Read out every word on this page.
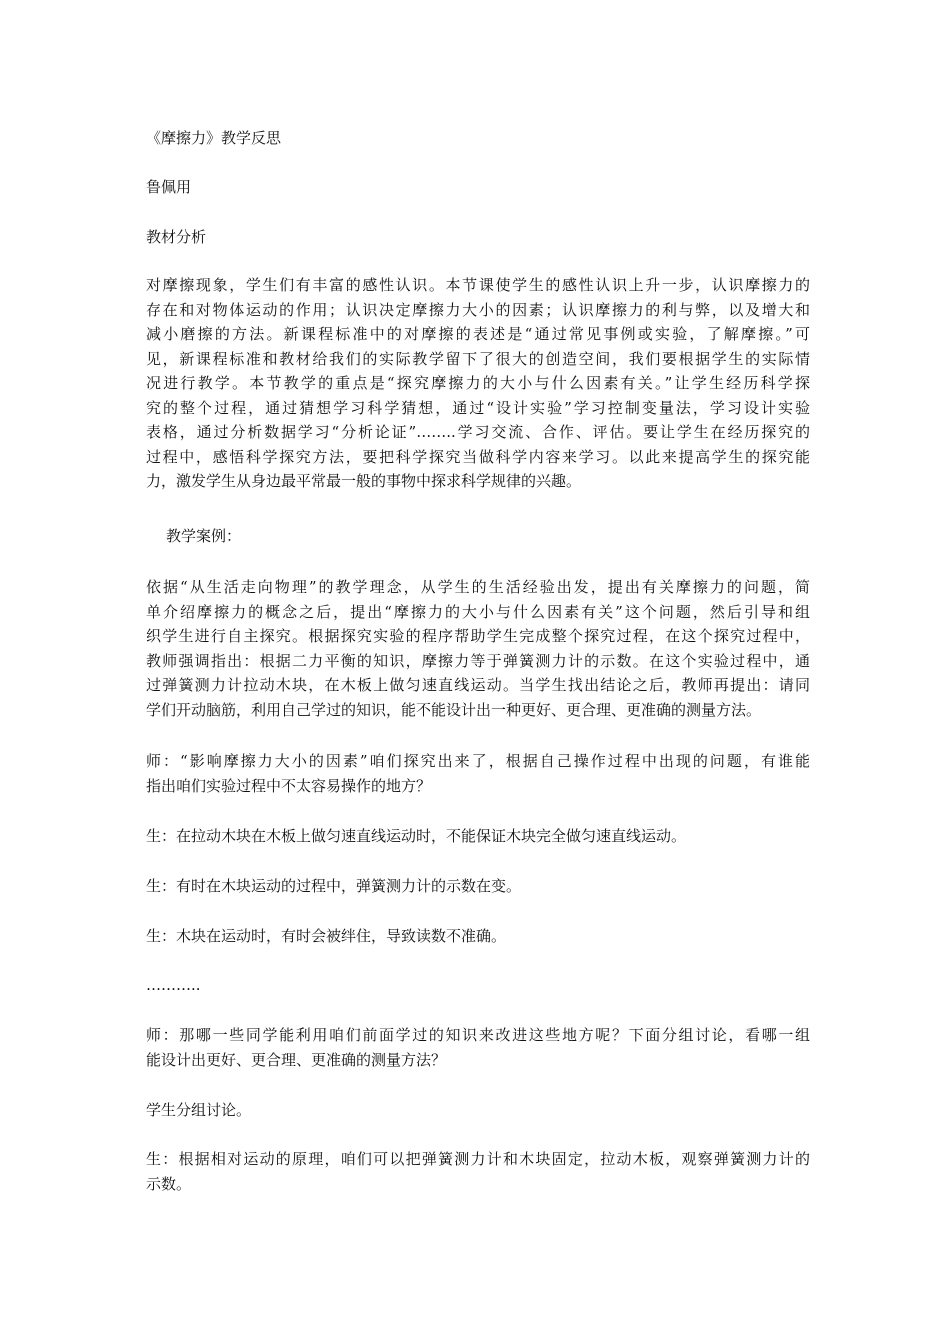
《摩擦力》教学反思
鲁佩用
教材分析
对摩擦现象，学生们有丰富的感性认识。本节课使学生的感性认识上升一步，认识摩擦力的
存在和对物体运动的作用；认识决定摩擦力大小的因素；认识摩擦力的利与弊，以及增大和
减小磨擦的方法。新课程标准中的对摩擦的表述是“通过常见事例或实验，了解摩擦。”可
见，新课程标准和教材给我们的实际教学留下了很大的创造空间，我们要根据学生的实际情
况进行教学。本节教学的重点是“探究摩擦力的大小与什么因素有关。”让学生经历科学探
究的整个过程，通过猜想学习科学猜想，通过“设计实验”学习控制变量法，学习设计实验
表格，通过分析数据学习“分析论证”……..学习交流、合作、评估。要让学生在经历探究的
过程中，感悟科学探究方法，要把科学探究当做科学内容来学习。以此来提高学生的探究能
力，激发学生从身边最平常最一般的事物中探求科学规律的兴趣。
教学案例：
依据“从生活走向物理”的教学理念，从学生的生活经验出发，提出有关摩擦力的问题，简
单介绍摩擦力的概念之后，提出“摩擦力的大小与什么因素有关”这个问题，然后引导和组
织学生进行自主探究。根据探究实验的程序帮助学生完成整个探究过程，在这个探究过程中，
教师强调指出：根据二力平衡的知识，摩擦力等于弹簧测力计的示数。在这个实验过程中，通
过弹簧测力计拉动木块，在木板上做匀速直线运动。当学生找出结论之后，教师再提出：请同
学们开动脑筋，利用自己学过的知识，能不能设计出一种更好、更合理、更准确的测量方法。
师：“影响摩擦力大小的因素”咱们探究出来了，根据自己操作过程中出现的问题，有谁能
指出咱们实验过程中不太容易操作的地方？
生：在拉动木块在木板上做匀速直线运动时，不能保证木块完全做匀速直线运动。
生：有时在木块运动的过程中，弹簧测力计的示数在变。
生：木块在运动时，有时会被绊住，导致读数不准确。
………..
师：那哪一些同学能利用咱们前面学过的知识来改进这些地方呢？下面分组讨论，看哪一组
能设计出更好、更合理、更准确的测量方法？
学生分组讨论。
生：根据相对运动的原理，咱们可以把弹簧测力计和木块固定，拉动木板，观察弹簧测力计的
示数。
